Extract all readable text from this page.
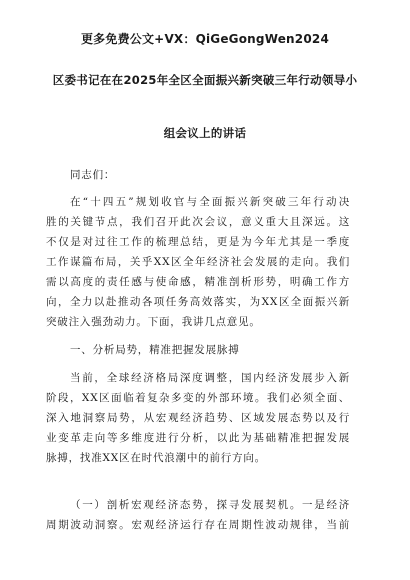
更多免费公文+VX：QiGeGongWen2024
区委书记在在2025年全区全面振兴新突破三年行动领导小
组会议上的讲话
同志们：
在“十四五”规划收官与全面振兴新突破三年行动决
胜的关键节点，我们召开此次会议，意义重大且深远。这
不仅是对过往工作的梳理总结，更是为今年尤其是一季度
工作谋篇布局，关乎XX区全年经济社会发展的走向。我们
需以高度的责任感与使命感，精准剖析形势，明确工作方
向，全力以赴推动各项任务高效落实，为XX区全面振兴新
突破注入强劲动力。下面，我讲几点意见。
一、分析局势，精准把握发展脉搏
当前，全球经济格局深度调整，国内经济发展步入新
阶段，XX区面临着复杂多变的外部环境。我们必须全面、
深入地洞察局势，从宏观经济趋势、区域发展态势以及行
业变革走向等多维度进行分析，以此为基础精准把握发展
脉搏，找准XX区在时代浪潮中的前行方向。
（一）剖析宏观经济态势，探寻发展契机。一是经济
周期波动洞察。宏观经济运行存在周期性波动规律，当前
